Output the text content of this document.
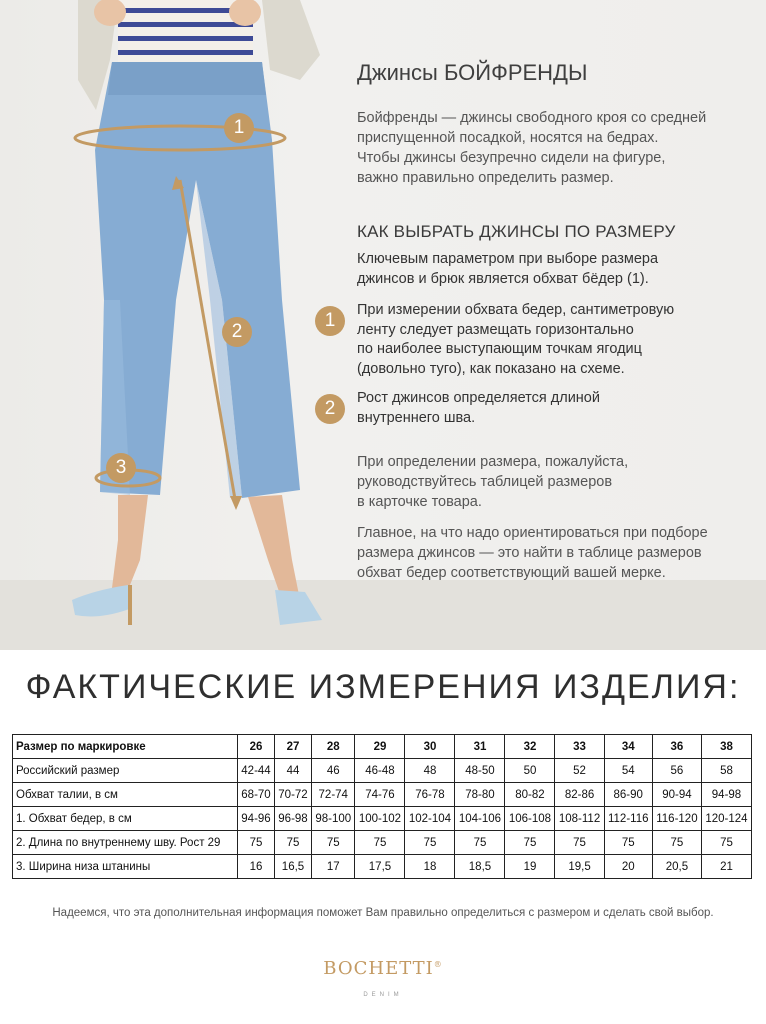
1
2
3
Джинсы БОЙФРЕНДЫ
Бойфренды — джинсы свободного кроя со средней
приспущенной посадкой, носятся на бедрах.
Чтобы джинсы безупречно сидели на фигуре,
важно правильно определить размер.
КАК ВЫБРАТЬ ДЖИНСЫ ПО РАЗМЕРУ
Ключевым параметром при выборе размера
джинсов и брюк является обхват бёдер (1).
1	При измерении обхвата бедер, сантиметровую
ленту следует размещать горизонтально
по наиболее выступающим точкам ягодиц
(довольно туго), как показано на схеме.
2	Рост джинсов определяется длиной
внутреннего шва.
При определении размера, пожалуйста,
руководствуйтесь таблицей размеров
в карточке товара.
Главное, на что надо ориентироваться при подборе
размера джинсов — это найти в таблице размеров
обхват бедер соответствующий вашей мерке.
ФАКТИЧЕСКИЕ ИЗМЕРЕНИЯ ИЗДЕЛИЯ:
Размер по маркировке	26	27	28	29	30	31	32	33	34	36	38
Российский размер	42-44	44	46	46-48	48	48-50	50	52	54	56	58
Обхват талии, в см	68-70	70-72	72-74	74-76	76-78	78-80	80-82	82-86	86-90	90-94	94-98
1. Обхват бедер, в см	94-96	96-98	98-100	100-102	102-104	104-106	106-108	108-112	112-116	116-120	120-124
2. Длина по внутреннему шву. Рост 29	75	75	75	75	75	75	75	75	75	75	75
3. Ширина низа штанины	16	16,5	17	17,5	18	18,5	19	19,5	20	20,5	21
Надеемся, что эта дополнительная информация поможет Вам правильно определиться с размером и сделать свой выбор.
BOCHETTI®
DENIM
